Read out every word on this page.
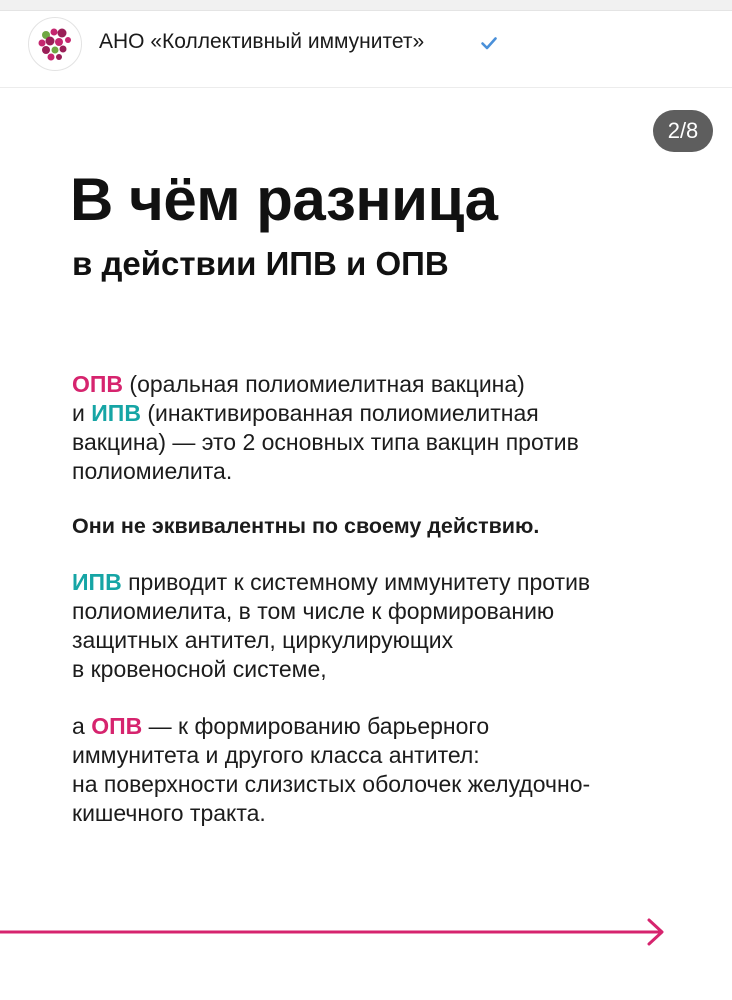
АНО «Коллективный иммунитет»
2/8
В чём разница
в действии ИПВ и ОПВ
ОПВ (оральная полиомиелитная вакцина)
и ИПВ (инактивированная полиомиелитная
вакцина) — это 2 основных типа вакцин против
полиомиелита.
Они не эквивалентны по своему действию.
ИПВ приводит к системному иммунитету против
полиомиелита, в том числе к формированию
защитных антител, циркулирующих
в кровеносной системе,
а ОПВ — к формированию барьерного
иммунитета и другого класса антител:
на поверхности слизистых оболочек желудочно-
кишечного тракта.
